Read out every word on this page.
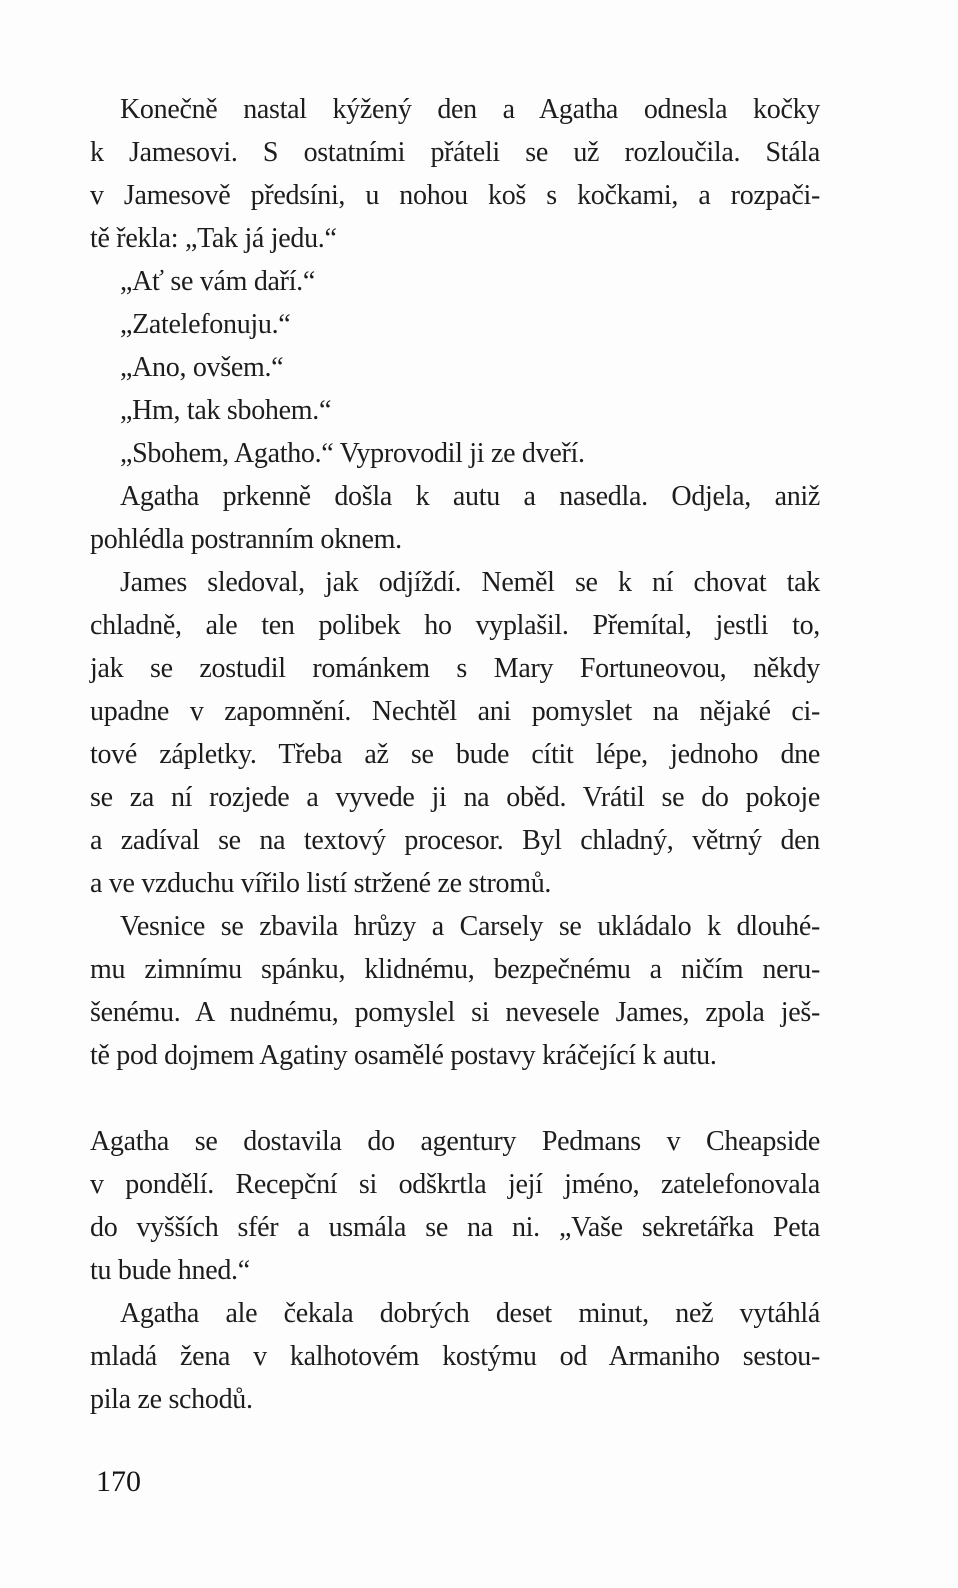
Konečně nastal kýžený den a Agatha odnesla kočky
k Jamesovi. S ostatními přáteli se už rozloučila. Stála
v Jamesově předsíni, u nohou koš s kočkami, a rozpači-
tě řekla: „Tak já jedu.“

„Ať se vám daří.“

„Zatelefonuju.“

„Ano, ovšem.“

„Hm, tak sbohem.“

„Sbohem, Agatho.“ Vyprovodil ji ze dveří.

Agatha prkenně došla k autu a nasedla. Odjela, aniž
pohlédla postranním oknem.

James sledoval, jak odjíždí. Neměl se k ní chovat tak
chladně, ale ten polibek ho vyplašil. Přemítal, jestli to,
jak se zostudil románkem s Mary Fortuneovou, někdy
upadne v zapomnění. Nechtěl ani pomyslet na nějaké ci-
tové zápletky. Třeba až se bude cítit lépe, jednoho dne
se za ní rozjede a vyvede ji na oběd. Vrátil se do pokoje
a zadíval se na textový procesor. Byl chladný, větrný den
a ve vzduchu vířilo listí stržené ze stromů.

Vesnice se zbavila hrůzy a Carsely se ukládalo k dlouhé-
mu zimnímu spánku, klidnému, bezpečnému a ničím neru-
šenému. A nudnému, pomyslel si nevesele James, zpola ješ-
tě pod dojmem Agatiny osamělé postavy kráčející k autu.

Agatha se dostavila do agentury Pedmans v Cheapside
v pondělí. Recepční si odškrtla její jméno, zatelefonovala
do vyšších sfér a usmála se na ni. „Vaše sekretářka Peta
tu bude hned.“

Agatha ale čekala dobrých deset minut, než vytáhlá
mladá žena v kalhotovém kostýmu od Armaniho sestou-
pila ze schodů.

170
